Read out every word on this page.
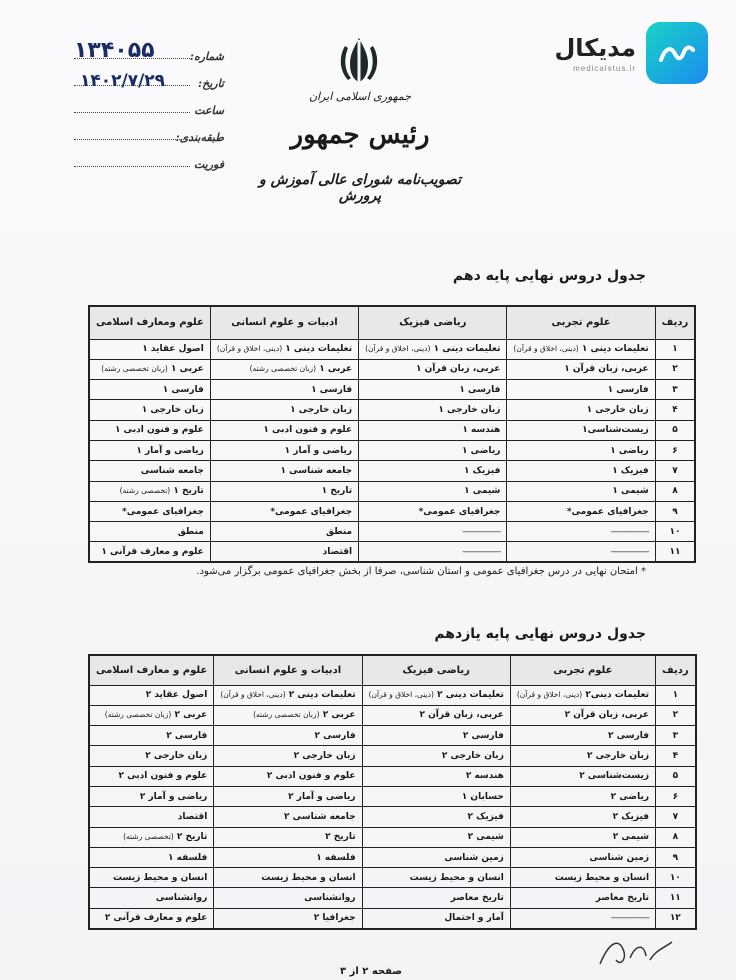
مدیکال
medicalstus.ir
۱۳۴۰۵۵	شماره:
تاریخ:
۱۴۰۲/۷/۲۹
ساعت
طبقه‌بندی:
فوریت
جمهوری اسلامی ایران
رئیس جمهور
تصویب‌نامه شورای عالی آموزش و پرورش
جدول دروس نهایی پایه دهم
ردیف	علوم تجربی	ریاضی فیزیک	ادبیات و علوم انسانی	علوم ومعارف اسلامی
۱	تعلیمات دینی ۱ (دینی، اخلاق و قرآن)	تعلیمات دینی ۱ (دینی، اخلاق و قرآن)	تعلیمات دینی ۱ (دینی، اخلاق و قرآن)	اصول عقاید ۱
۲	عربی، زبان قرآن ۱	عربی، زبان قرآن ۱	عربی ۱ (زبان تخصصی رشته)	عربی ۱ (زبان تخصصی رشته)
۳	فارسی ۱	فارسی ۱	فارسی ۱	فارسی ۱
۴	زبان خارجی ۱	زبان خارجی ۱	زبان خارجی ۱	زبان خارجی ۱
۵	زیست‌شناسی۱	هندسه ۱	علوم و فنون ادبی ۱	علوم و فنون ادبی ۱
۶	ریاضی ۱	ریاضی ۱	ریاضی و آمار ۱	ریاضی و آمار ۱
۷	فیزیک ۱	فیزیک ۱	جامعه شناسی ۱	جامعه شناسی
۸	شیمی ۱	شیمی ۱	تاریخ ۱	تاریخ ۱ (تخصصی رشته)
۹	جغرافیای عمومی*	جغرافیای عمومی*	جغرافیای عمومی*	جغرافیای عمومی*
۱۰	-----------------	-----------------	منطق	منطق
۱۱	-----------------	-----------------	اقتصاد	علوم و معارف قرآنی ۱
* امتحان نهایی در درس جغرافیای عمومی و استان شناسی، صرفا از بخش جغرافیای عمومی برگزار می‌شود.
جدول دروس نهایی پایه یازدهم
ردیف	علوم تجربی	ریاضی فیزیک	ادبیات و علوم انسانی	علوم و معارف اسلامی
۱	تعلیمات دینی۲ (دینی، اخلاق و قرآن)	تعلیمات دینی ۲ (دینی، اخلاق و قرآن)	تعلیمات دینی ۲ (دینی، اخلاق و قرآن)	اصول عقاید ۲
۲	عربی، زبان قرآن ۲	عربی، زبان قرآن ۲	عربی ۲ (زبان تخصصی رشته)	عربی ۲ (زبان تخصصی رشته)
۳	فارسی ۲	فارسی ۲	فارسی ۲	فارسی ۲
۴	زبان خارجی ۲	زبان خارجی ۲	زبان خارجی ۲	زبان خارجی ۲
۵	زیست‌شناسی ۲	هندسه ۲	علوم و فنون ادبی ۲	علوم و فنون ادبی ۲
۶	ریاضی ۲	حسابان ۱	ریاضی و آمار ۲	ریاضی و آمار ۲
۷	فیزیک ۲	فیزیک ۲	جامعه شناسی ۲	اقتصاد
۸	شیمی ۲	شیمی ۲	تاریخ ۲	تاریخ ۲ (تخصصی رشته)
۹	زمین شناسی	زمین شناسی	فلسفه ۱	فلسفه ۱
۱۰	انسان و محیط زیست	انسان و محیط زیست	انسان و محیط زیست	انسان و محیط زیست
۱۱	تاریخ معاصر	تاریخ معاصر	روانشناسی	روانشناسی
۱۲	-----------------	آمار و احتمال	جغرافیا ۲	علوم و معارف قرآنی ۲
صفحه ۲ از ۳
